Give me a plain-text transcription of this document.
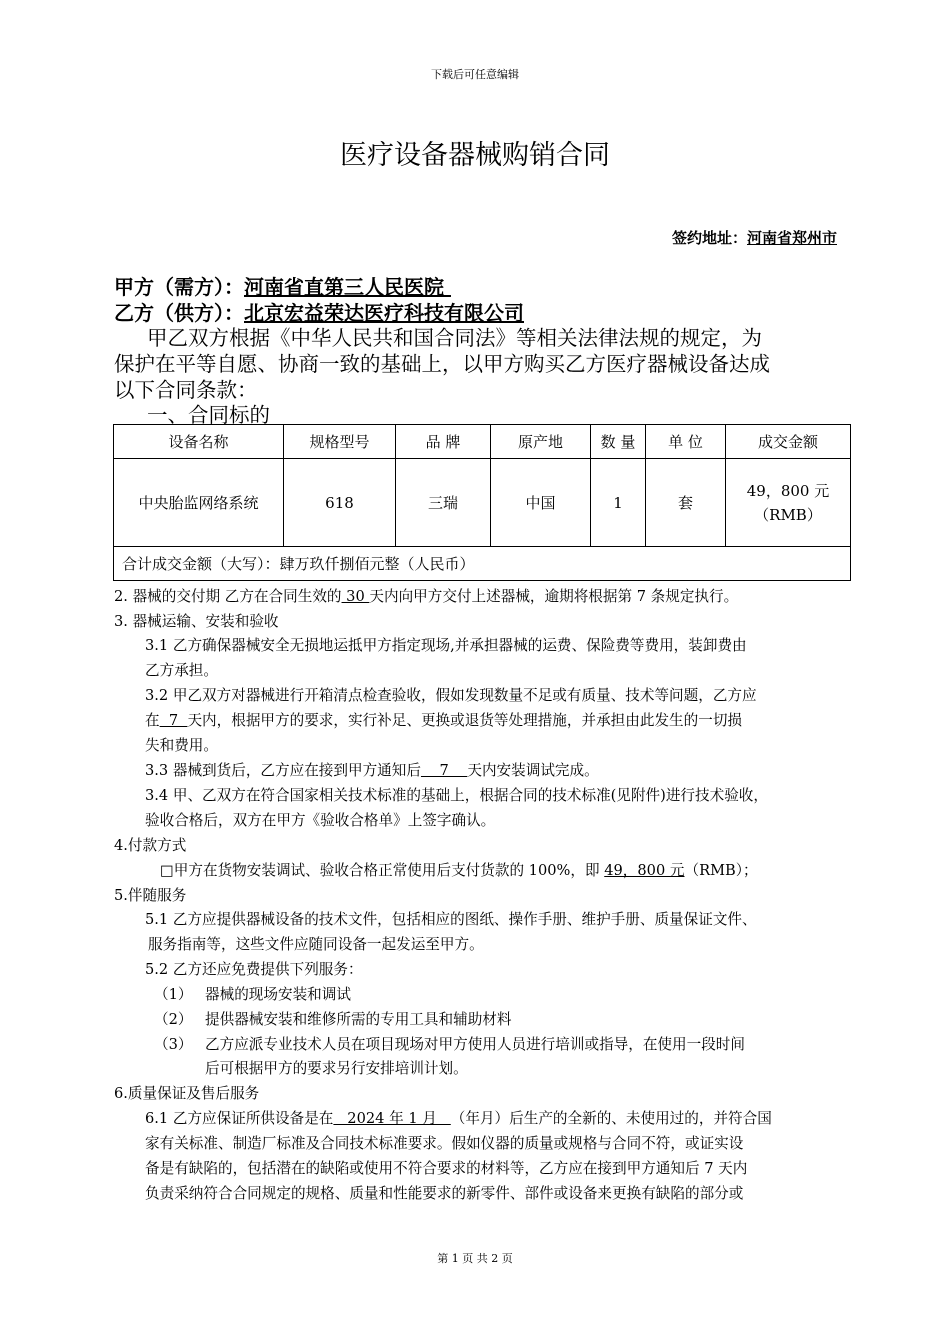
下载后可任意编辑
医疗设备器械购销合同
签约地址：河南省郑州市
甲方（需方）：河南省直第三人民医院
乙方（供方）：北京宏益荣达医疗科技有限公司
甲乙双方根据《中华人民共和国合同法》等相关法律法规的规定，为
保护在平等自愿、协商一致的基础上，以甲方购买乙方医疗器械设备达成
以下合同条款：
一、合同标的
设备名称	规格型号	品 牌	原产地	数 量	单 位	成交金额
中央胎监网络系统	618	三瑞	中国	1	套	49，800 元
（RMB）

合计成交金额（大写）：肆万玖仟捌佰元整（人民币）						
2. 器械的交付期 乙方在合同生效的 30 天内向甲方交付上述器械，逾期将根据第 7 条规定执行。
3. 器械运输、安装和验收
3.1 乙方确保器械安全无损地运抵甲方指定现场,并承担器械的运费、保险费等费用，装卸费由
乙方承担。
3.2 甲乙双方对器械进行开箱清点检查验收，假如发现数量不足或有质量、技术等问题，乙方应
在  7  天内，根据甲方的要求，实行补足、更换或退货等处理措施，并承担由此发生的一切损
失和费用。
3.3 器械到货后，乙方应在接到甲方通知后    7    天内安装调试完成。
3.4 甲、乙双方在符合国家相关技术标准的基础上，根据合同的技术标准(见附件)进行技术验收，
验收合格后，双方在甲方《验收合格单》上签字确认。
4.付款方式
□甲方在货物安装调试、验收合格正常使用后支付货款的 100%，即 49，800 元（RMB）；
5.伴随服务
5.1 乙方应提供器械设备的技术文件，包括相应的图纸、操作手册、维护手册、质量保证文件、
服务指南等，这些文件应随同设备一起发运至甲方。
5.2 乙方还应免费提供下列服务：
（1） 器械的现场安装和调试
（2） 提供器械安装和维修所需的专用工具和辅助材料
（3） 乙方应派专业技术人员在项目现场对甲方使用人员进行培训或指导，在使用一段时间
后可根据甲方的要求另行安排培训计划。
6.质量保证及售后服务
6.1 乙方应保证所供设备是在   2024 年 1 月   （年月）后生产的全新的、未使用过的，并符合国
家有关标准、制造厂标准及合同技术标准要求。假如仪器的质量或规格与合同不符，或证实设
备是有缺陷的，包括潜在的缺陷或使用不符合要求的材料等，乙方应在接到甲方通知后 7 天内
负责采纳符合合同规定的规格、质量和性能要求的新零件、部件或设备来更换有缺陷的部分或
第 1 页 共 2 页
